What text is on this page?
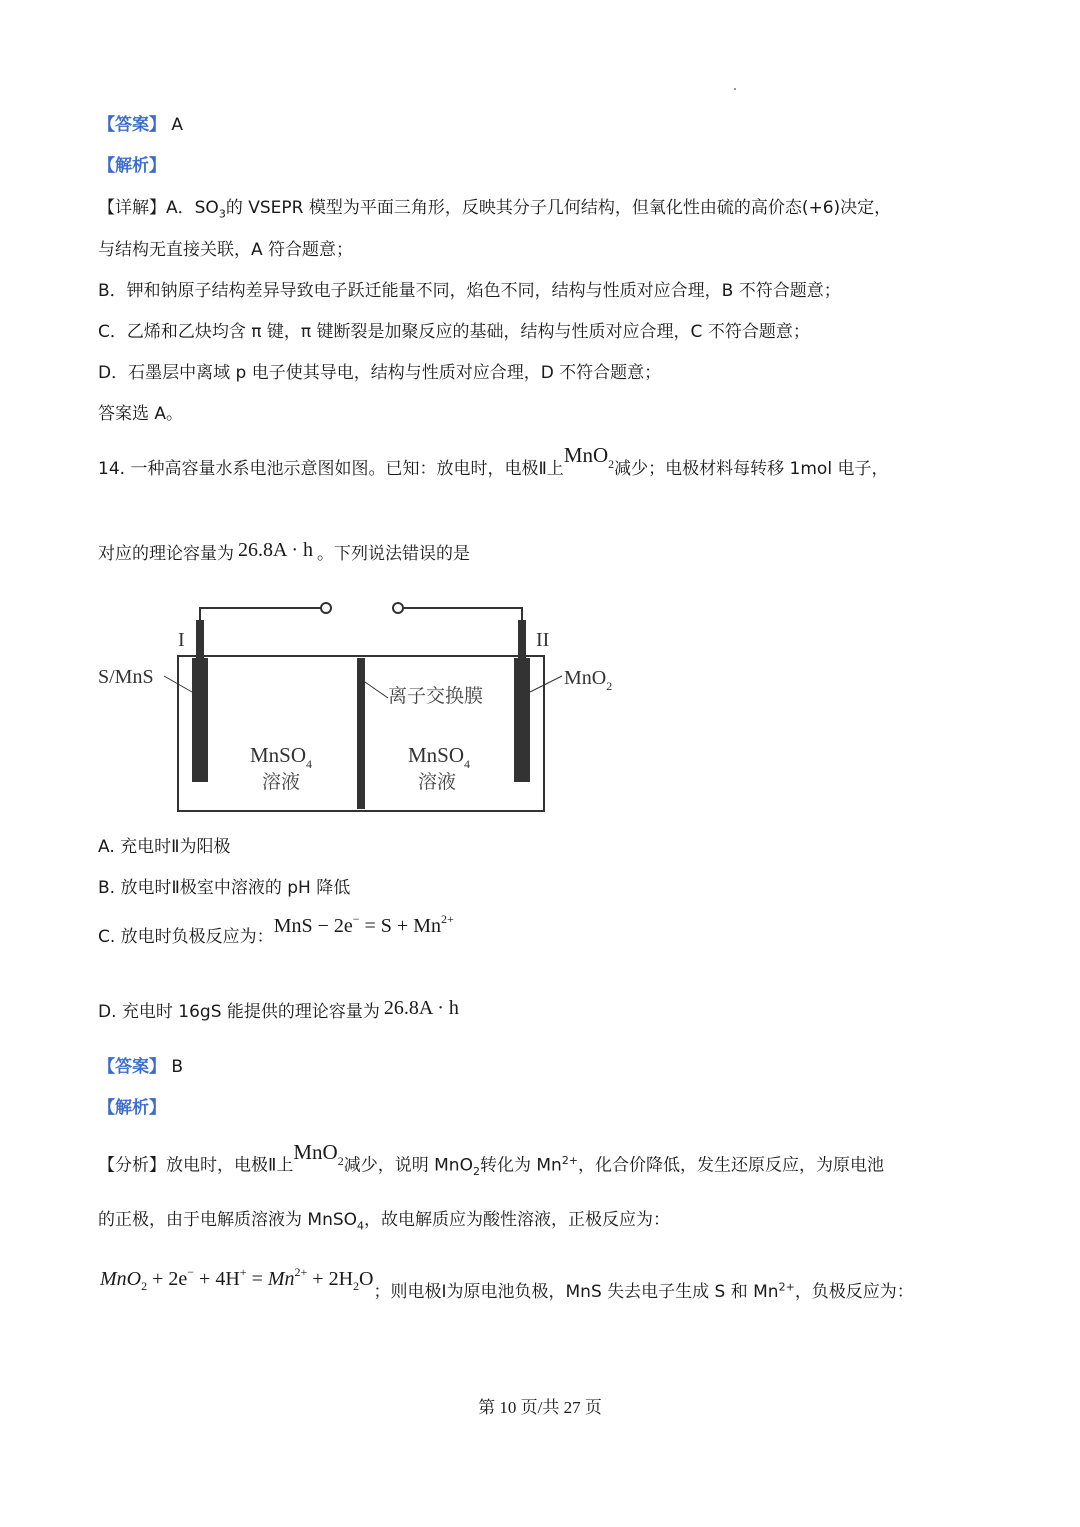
【答案】 A
【解析】
【详解】A．$SO_3$的 VSEPR 模型为平面三角形，反映其分子几何结构，但氧化性由硫的高价态(+6)决定，
与结构无直接关联，A 符合题意；
B．钾和钠原子结构差异导致电子跃迁能量不同，焰色不同，结构与性质对应合理，B 不符合题意；
C．乙烯和乙炔均含 π 键，π 键断裂是加聚反应的基础，结构与性质对应合理，C 不符合题意；
D．石墨层中离域 p 电子使其导电，结构与性质对应合理，D 不符合题意；
答案选 A。
14. 一种高容量水系电池示意图如图。已知：放电时，电极Ⅱ上MnO$^2$减少；电极材料每转移 1mol 电子，
对应的理论容量为 26.8A · h 。下列说法错误的是
I	II
S/MnS	MnO$_2$
离子交换膜
MnSO$_4$
溶液
MnSO$_4$
溶液
A. 充电时Ⅱ为阳极
B. 放电时Ⅱ极室中溶液的 pH 降低
C. 放电时负极反应为：MnS − $2e^- = S + Mn^{2+}$
D. 充电时 16gS 能提供的理论容量为 26.8A · h
【答案】 B
【解析】
【分析】放电时，电极Ⅱ上MnO$^2$减少，说明 MnO$_2$转化为 $Mn^{2+}$，化合价降低，发生还原反应，为原电池
的正极，由于电解质溶液为 MnSO$_4$，故电解质应为酸性溶液，正极反应为：
$MnO_2 + 2e^- + 4H^+ = Mn^{2+} + 2H_2O$；则电极Ⅰ为原电池负极，MnS 失去电子生成 S 和 $Mn^{2+}$，负极反应为：
第 10 页/共 27 页
